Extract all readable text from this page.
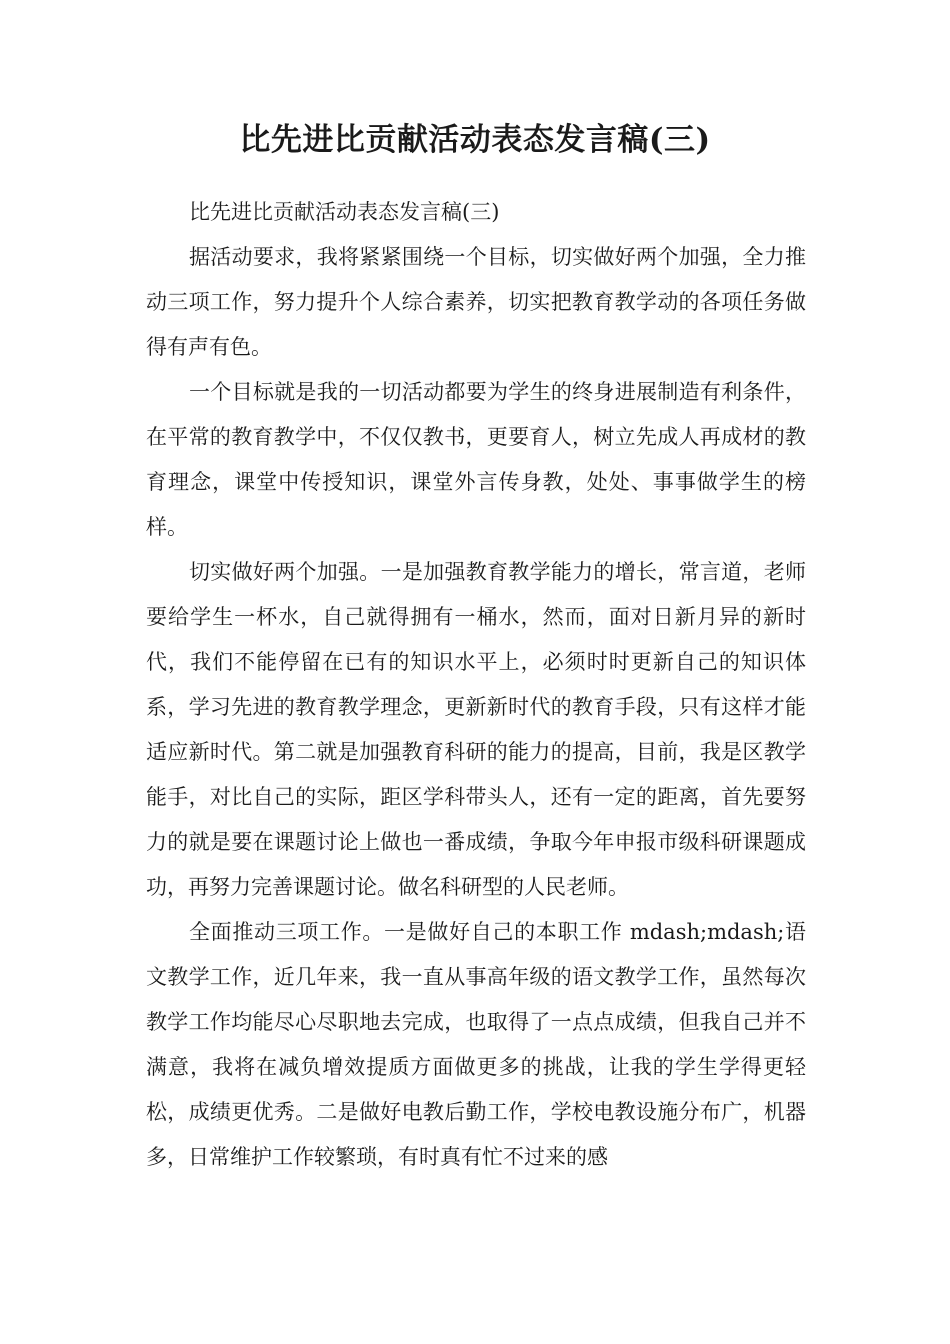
比先进比贡献活动表态发言稿(三)

比先进比贡献活动表态发言稿(三)

据活动要求，我将紧紧围绕一个目标，切实做好两个加强，全力推动三项工作，努力提升个人综合素养，切实把教育教学动的各项任务做得有声有色。

一个目标就是我的一切活动都要为学生的终身进展制造有利条件，在平常的教育教学中，不仅仅教书，更要育人，树立先成人再成材的教育理念，课堂中传授知识，课堂外言传身教，处处、事事做学生的榜样。

切实做好两个加强。一是加强教育教学能力的增长，常言道，老师要给学生一杯水，自己就得拥有一桶水，然而，面对日新月异的新时代，我们不能停留在已有的知识水平上，必须时时更新自己的知识体系，学习先进的教育教学理念，更新新时代的教育手段，只有这样才能适应新时代。第二就是加强教育科研的能力的提高，目前，我是区教学能手，对比自己的实际，距区学科带头人，还有一定的距离，首先要努力的就是要在课题讨论上做也一番成绩，争取今年申报市级科研课题成功，再努力完善课题讨论。做名科研型的人民老师。

全面推动三项工作。一是做好自己的本职工作 mdash;mdash;语文教学工作，近几年来，我一直从事高年级的语文教学工作，虽然每次教学工作均能尽心尽职地去完成，也取得了一点点成绩，但我自己并不满意，我将在减负增效提质方面做更多的挑战，让我的学生学得更轻松，成绩更优秀。二是做好电教后勤工作，学校电教设施分布广，机器多，日常维护工作较繁琐，有时真有忙不过来的感
